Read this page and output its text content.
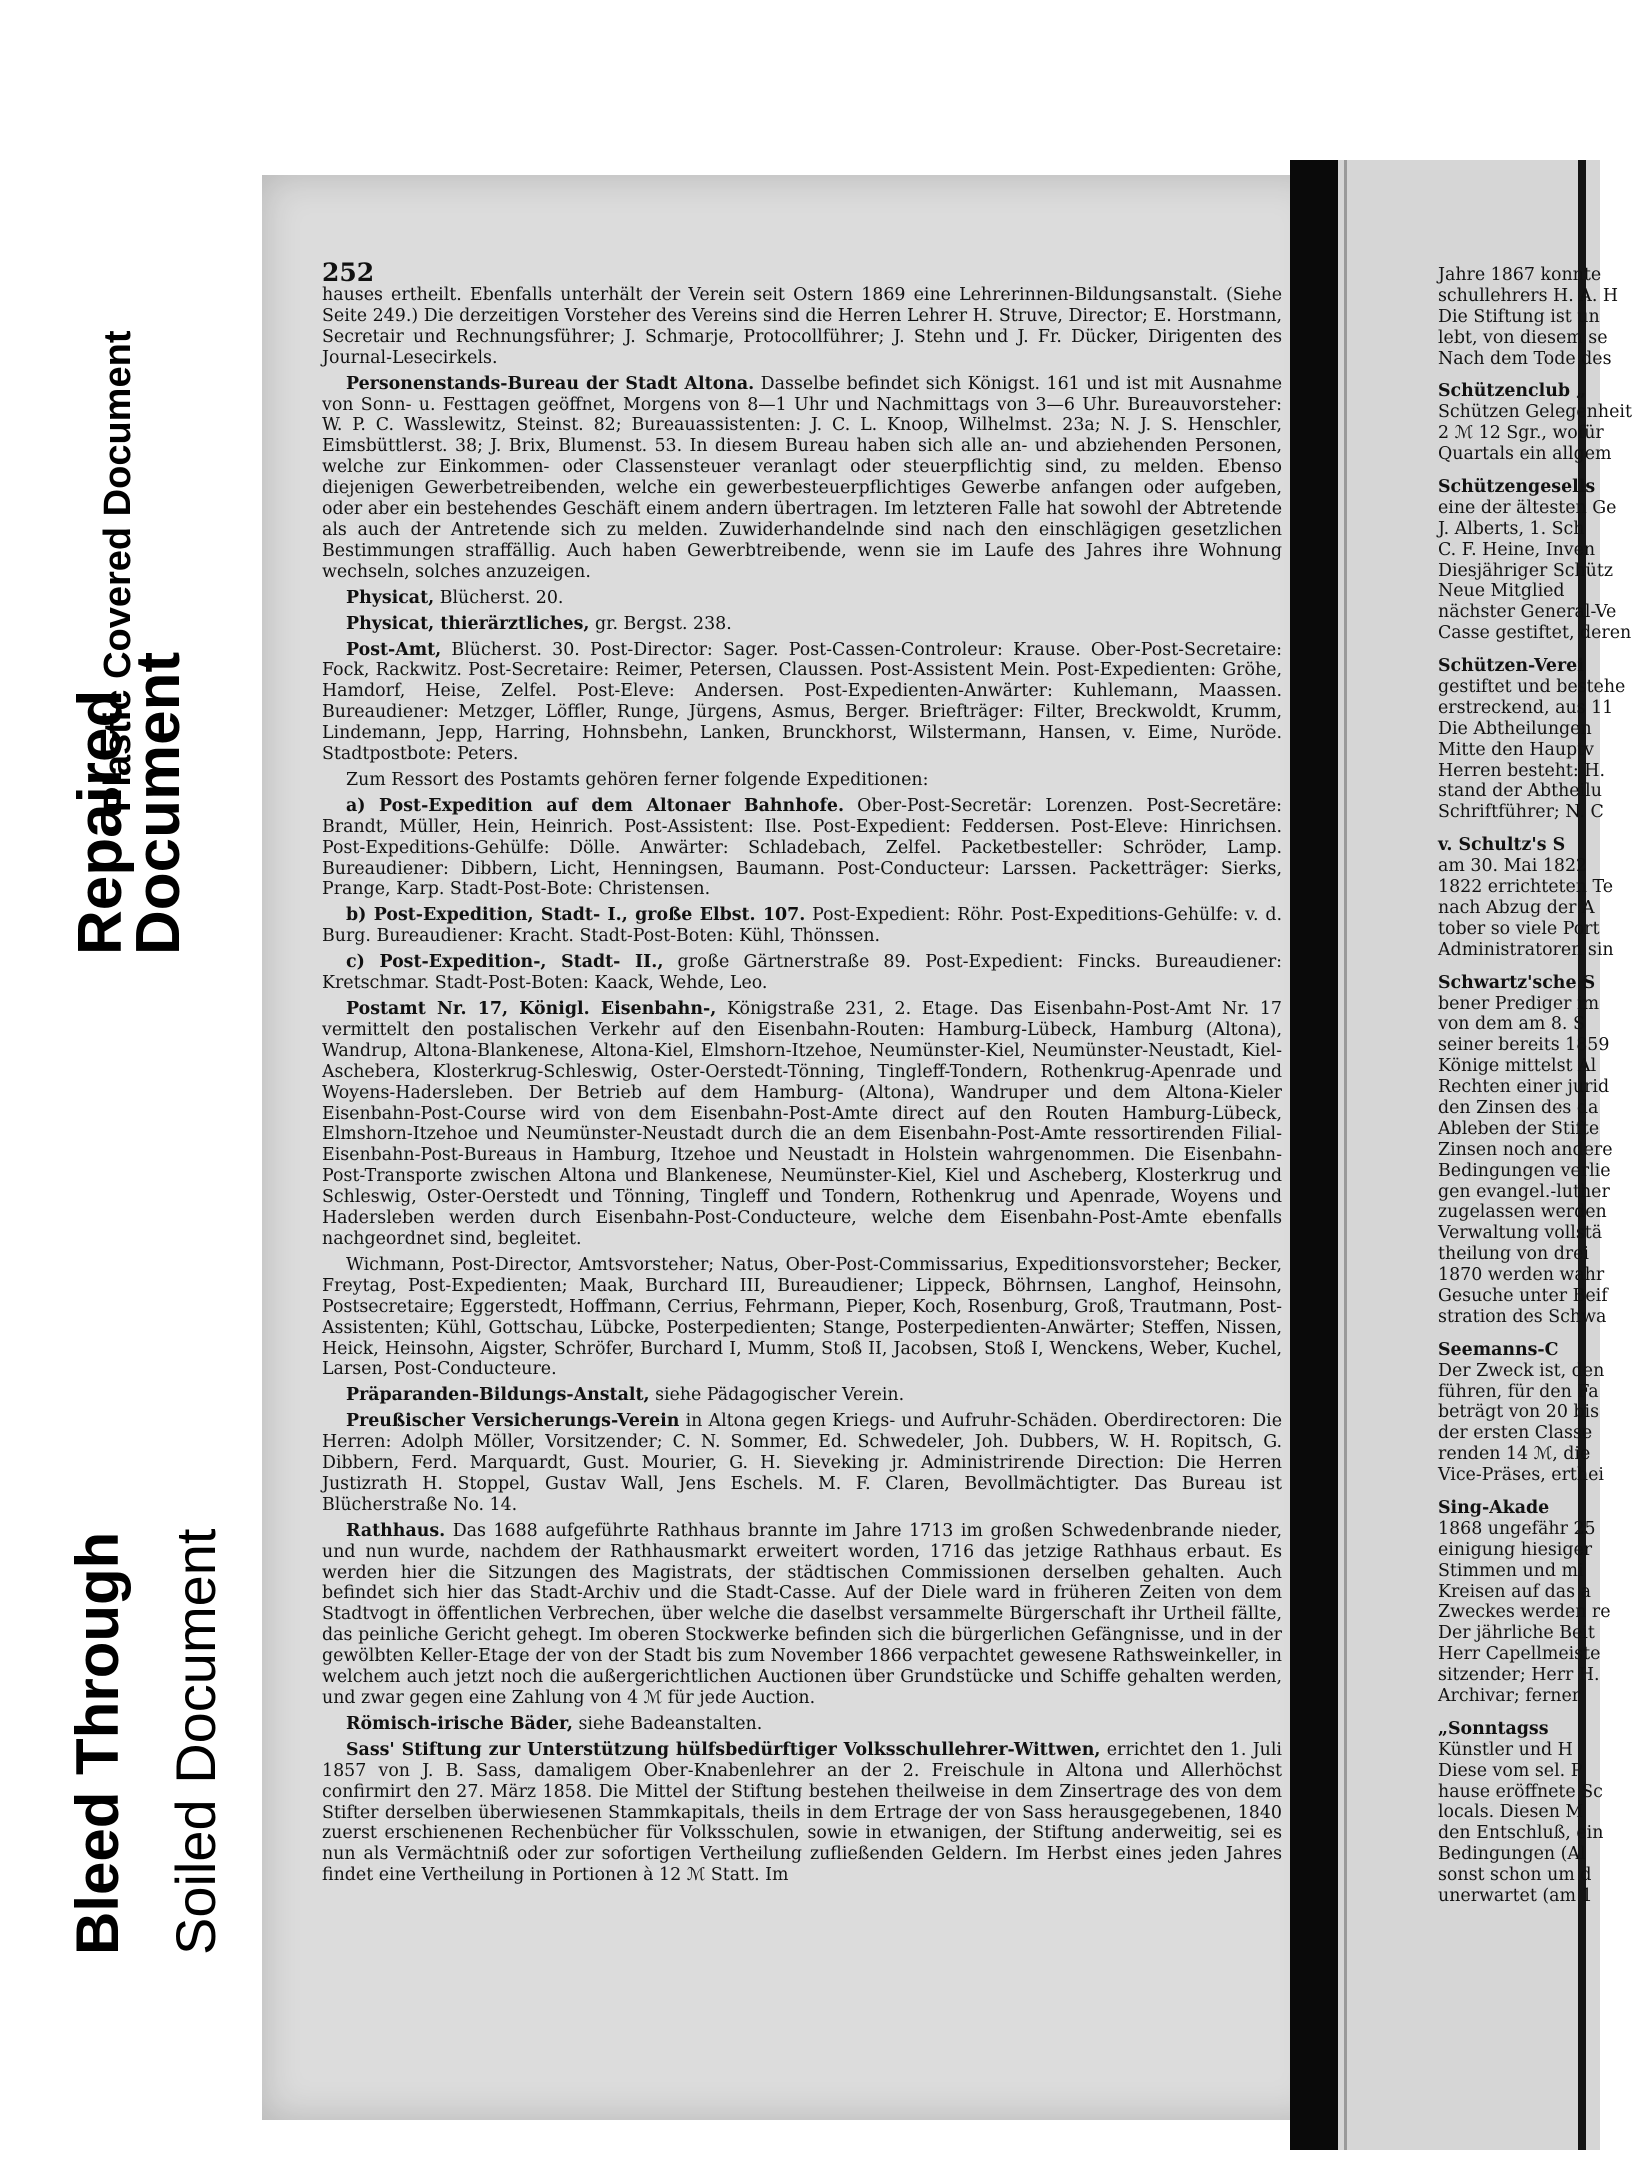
Plastic Covered Document
Repaired
Document
Bleed Through Soiled Document
252

hauses ertheilt. Ebenfalls unterhält der Verein seit Ostern 1869 eine Lehrerinnen-Bildungsanstalt. (Siehe Seite 249.) Die derzeitigen Vorsteher des Vereins sind die Herren Lehrer H. Struve, Director; E. Horstmann, Secretair und Rechnungsführer; J. Schmarje, Protocollführer; J. Stehn und J. Fr. Dücker, Dirigenten des Journal-Lesecirkels.

Personenstands-Bureau der Stadt Altona. Dasselbe befindet sich Königst. 161 und ist mit Ausnahme von Sonn- u. Festtagen geöffnet, Morgens von 8—1 Uhr und Nachmittags von 3—6 Uhr. Bureauvorsteher: W. P. C. Wasslewitz, Steinst. 82; Bureauassistenten: J. C. L. Knoop, Wilhelmst. 23a; N. J. S. Henschler, Eimsbüttlerst. 38; J. Brix, Blumenst. 53. In diesem Bureau haben sich alle an- und abziehenden Personen, welche zur Einkommen- oder Classensteuer veranlagt oder steuerpflichtig sind, zu melden. Ebenso diejenigen Gewerbetreibenden, welche ein gewerbesteuerpflichtiges Gewerbe anfangen oder aufgeben, oder aber ein bestehendes Geschäft einem andern übertragen. Im letzteren Falle hat sowohl der Abtretende als auch der Antretende sich zu melden. Zuwiderhandelnde sind nach den einschlägigen gesetzlichen Bestimmungen straffällig. Auch haben Gewerbtreibende, wenn sie im Laufe des Jahres ihre Wohnung wechseln, solches anzuzeigen.

Physicat, Blücherst. 20.

Physicat, thierärztliches, gr. Bergst. 238.

Post-Amt, Blücherst. 30. Post-Director: Sager. Post-Cassen-Controleur: Krause. Ober-Post-Secretaire: Fock, Rackwitz. Post-Secretaire: Reimer, Petersen, Claussen. Post-Assistent Mein. Post-Expedienten: Gröhe, Hamdorf, Heise, Zelfel. Post-Eleve: Andersen. Post-Expedienten-Anwärter: Kuhlemann, Maassen. Bureaudiener: Metzger, Löffler, Runge, Jürgens, Asmus, Berger. Briefträger: Filter, Breckwoldt, Krumm, Lindemann, Jepp, Harring, Hohnsbehn, Lanken, Brunckhorst, Wilstermann, Hansen, v. Eime, Nuröde. Stadtpostbote: Peters.

Zum Ressort des Postamts gehören ferner folgende Expeditionen:

a) Post-Expedition auf dem Altonaer Bahnhofe. Ober-Post-Secretär: Lorenzen. Post-Secretäre: Brandt, Müller, Hein, Heinrich. Post-Assistent: Ilse. Post-Expedient: Feddersen. Post-Eleve: Hinrichsen. Post-Expeditions-Gehülfe: Dölle. Anwärter: Schladebach, Zelfel. Packetbesteller: Schröder, Lamp. Bureaudiener: Dibbern, Licht, Henningsen, Baumann. Post-Conducteur: Larssen. Packetträger: Sierks, Prange, Karp. Stadt-Post-Bote: Christensen.

b) Post-Expedition, Stadt- I., große Elbst. 107. Post-Expedient: Röhr. Post-Expeditions-Gehülfe: v. d. Burg. Bureaudiener: Kracht. Stadt-Post-Boten: Kühl, Thönssen.

c) Post-Expedition-, Stadt- II., große Gärtnerstraße 89. Post-Expedient: Fincks. Bureaudiener: Kretschmar. Stadt-Post-Boten: Kaack, Wehde, Leo.

Postamt Nr. 17, Königl. Eisenbahn-, Königstraße 231, 2. Etage. Das Eisenbahn-Post-Amt Nr. 17 vermittelt den postalischen Verkehr auf den Eisenbahn-Routen: Hamburg-Lübeck, Hamburg (Altona), Wandrup, Altona-Blankenese, Altona-Kiel, Elmshorn-Itzehoe, Neumünster-Kiel, Neumünster-Neustadt, Kiel-Aschebera, Klosterkrug-Schleswig, Oster-Oerstedt-Tönning, Tingleff-Tondern, Rothenkrug-Apenrade und Woyens-Hadersleben. Der Betrieb auf dem Hamburg- (Altona), Wandruper und dem Altona-Kieler Eisenbahn-Post-Course wird von dem Eisenbahn-Post-Amte direct auf den Routen Hamburg-Lübeck, Elmshorn-Itzehoe und Neumünster-Neustadt durch die an dem Eisenbahn-Post-Amte ressortirenden Filial-Eisenbahn-Post-Bureaus in Hamburg, Itzehoe und Neustadt in Holstein wahrgenommen. Die Eisenbahn-Post-Transporte zwischen Altona und Blankenese, Neumünster-Kiel, Kiel und Ascheberg, Klosterkrug und Schleswig, Oster-Oerstedt und Tönning, Tingleff und Tondern, Rothenkrug und Apenrade, Woyens und Hadersleben werden durch Eisenbahn-Post-Conducteure, welche dem Eisenbahn-Post-Amte ebenfalls nachgeordnet sind, begleitet.

Wichmann, Post-Director, Amtsvorsteher; Natus, Ober-Post-Commissarius, Expeditionsvorsteher; Becker, Freytag, Post-Expedienten; Maak, Burchard III, Bureaudiener; Lippeck, Böhrnsen, Langhof, Heinsohn, Postsecretaire; Eggerstedt, Hoffmann, Cerrius, Fehrmann, Pieper, Koch, Rosenburg, Groß, Trautmann, Post-Assistenten; Kühl, Gottschau, Lübcke, Posterpedienten; Stange, Posterpedienten-Anwärter; Steffen, Nissen, Heick, Heinsohn, Aigster, Schröfer, Burchard I, Mumm, Stoß II, Jacobsen, Stoß I, Wenckens, Weber, Kuchel, Larsen, Post-Conducteure.

Präparanden-Bildungs-Anstalt, siehe Pädagogischer Verein.

Preußischer Versicherungs-Verein in Altona gegen Kriegs- und Aufruhr-Schäden. Oberdirectoren: Die Herren: Adolph Möller, Vorsitzender; C. N. Sommer, Ed. Schwedeler, Joh. Dubbers, W. H. Ropitsch, G. Dibbern, Ferd. Marquardt, Gust. Mourier, G. H. Sieveking jr. Administrirende Direction: Die Herren Justizrath H. Stoppel, Gustav Wall, Jens Eschels. M. F. Claren, Bevollmächtigter. Das Bureau ist Blücherstraße No. 14.

Rathhaus. Das 1688 aufgeführte Rathhaus brannte im Jahre 1713 im großen Schwedenbrande nieder, und nun wurde, nachdem der Rathhausmarkt erweitert worden, 1716 das jetzige Rathhaus erbaut. Es werden hier die Sitzungen des Magistrats, der städtischen Commissionen derselben gehalten. Auch befindet sich hier das Stadt-Archiv und die Stadt-Casse. Auf der Diele ward in früheren Zeiten von dem Stadtvogt in öffentlichen Verbrechen, über welche die daselbst versammelte Bürgerschaft ihr Urtheil fällte, das peinliche Gericht gehegt. Im oberen Stockwerke befinden sich die bürgerlichen Gefängnisse, und in der gewölbten Keller-Etage der von der Stadt bis zum November 1866 verpachtet gewesene Rathsweinkeller, in welchem auch jetzt noch die außergerichtlichen Auctionen über Grundstücke und Schiffe gehalten werden, und zwar gegen eine Zahlung von 4 ℳ für jede Auction.

Römisch-irische Bäder, siehe Badeanstalten.

Sass' Stiftung zur Unterstützung hülfsbedürftiger Volksschullehrer-Wittwen, errichtet den 1. Juli 1857 von J. B. Sass, damaligem Ober-Knabenlehrer an der 2. Freischule in Altona und Allerhöchst confirmirt den 27. März 1858. Die Mittel der Stiftung bestehen theilweise in dem Zinsertrage des von dem Stifter derselben überwiesenen Stammkapitals, theils in dem Ertrage der von Sass herausgegebenen, 1840 zuerst erschienenen Rechenbücher für Volksschulen, sowie in etwanigen, der Stiftung anderweitig, sei es nun als Vermächtniß oder zur sofortigen Vertheilung zufließenden Geldern. Im Herbst eines jeden Jahres findet eine Vertheilung in Portionen à 12 ℳ Statt. Im

Jahre 1867 konnte
schullehrers H. A. H
Die Stiftung ist un
lebt, von diesem se
Nach dem Tode des
Schützenclub „
Schützen Gelegenheit
2 ℳ 12 Sgr., wofür
Quartals ein allgem
Schützengesells
eine der ältesten Ge
J. Alberts, 1. Sch
C. F. Heine, Inven
Diesjähriger Schütz
Neue Mitglied
nächster General-Ve
Casse gestiftet, deren
Schützen-Verei
gestiftet und bestehe
erstreckend, aus 11
Die Abtheilungen
Mitte den Hauptv
Herren besteht: H.
stand der Abtheilu
Schriftführer; N. C
v. Schultz's S
am 30. Mai 1822
1822 errichteten Te
nach Abzug der A
tober so viele Port
Administratoren sin
Schwartz'sche S
bener Prediger im
von dem am 8. S
seiner bereits 1859
Könige mittelst Al
Rechten einer jurid
den Zinsen des da
Ableben der Stifte
Zinsen noch andere
Bedingungen verlie
gen evangel.-luther
zugelassen werden
Verwaltung vollstä
theilung von drei
1870 werden wahr
Gesuche unter Beif
stration des Schwa
Seemanns-C
Der Zweck ist, den
führen, für den Fa
beträgt von 20 bis
der ersten Classe
renden 14 ℳ, die
Vice-Präses, erthei
Sing-Akade
1868 ungefähr 25
einigung hiesiger
Stimmen und mi
Kreisen auf das a
Zweckes werden re
Der jährliche Beit
Herr Capellmeiste
sitzender; Herr H.
Archivar; ferner
„Sonntagss
Künstler und H
Diese vom sel. P
hause eröffnete Sc
locals. Diesen M
den Entschluß, ein
Bedingungen (Al
sonst schon um d
unerwartet (am 1
